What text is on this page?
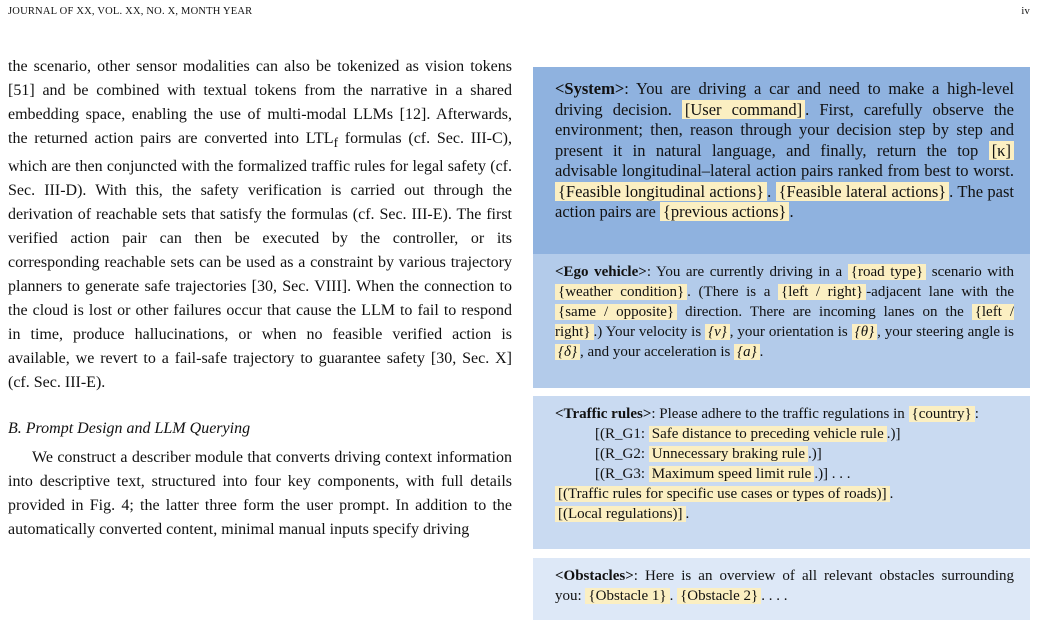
JOURNAL OF XX, VOL. XX, NO. X, MONTH YEAR	iv

the scenario, other sensor modalities can also be tokenized as vision tokens [51] and be combined with textual tokens from the narrative in a shared embedding space, enabling the use of multi-modal LLMs [12]. Afterwards, the returned action pairs are converted into $LTL_f$ formulas (cf. Sec. III-C), which are then conjuncted with the formalized traffic rules for legal safety (cf. Sec. III-D). With this, the safety verification is carried out through the derivation of reachable sets that satisfy the formulas (cf. Sec. III-E). The first verified action pair can then be executed by the controller, or its corresponding reachable sets can be used as a constraint by various trajectory planners to generate safe trajectories [30, Sec. VIII]. When the connection to the cloud is lost or other failures occur that cause the LLM to fail to respond in time, produce hallucinations, or when no feasible verified action is available, we revert to a fail-safe trajectory to guarantee safety [30, Sec. X] (cf. Sec. III-E).

B. Prompt Design and LLM Querying

We construct a describer module that converts driving context information into descriptive text, structured into four key components, with full details provided in Fig. 4; the latter three form the user prompt. In addition to the automatically converted content, minimal manual inputs specify driving

<System>: You are driving a car and need to make a high-level driving decision. [User command] . First, carefully observe the environment; then, reason through your decision step by step and present it in natural language, and finally, return the top [κ] advisable longitudinal–lateral action pairs ranked from best to worst. {Feasible longitudinal actions} . {Feasible lateral actions} . The past action pairs are {previous actions} .

<Ego vehicle>: You are currently driving in a {road type} scenario with {weather condition} . (There is a {left / right} -adjacent lane with the {same / opposite} direction. There are incoming lanes on the {left / right} .) Your velocity is {v} , your orientation is {θ} , your steering angle is {δ} , and your acceleration is {a} .

<Traffic rules>: Please adhere to the traffic regulations in {country} :

[(R_G1: Safe distance to preceding vehicle rule .)]

[(R_G2: Unnecessary braking rule .)]

[(R_G3: Maximum speed limit rule .)] . . .

[(Traffic rules for specific use cases or types of roads)] .

[(Local regulations)] .

<Obstacles>: Here is an overview of all relevant obstacles surrounding you: {Obstacle 1} . {Obstacle 2} . . . .
